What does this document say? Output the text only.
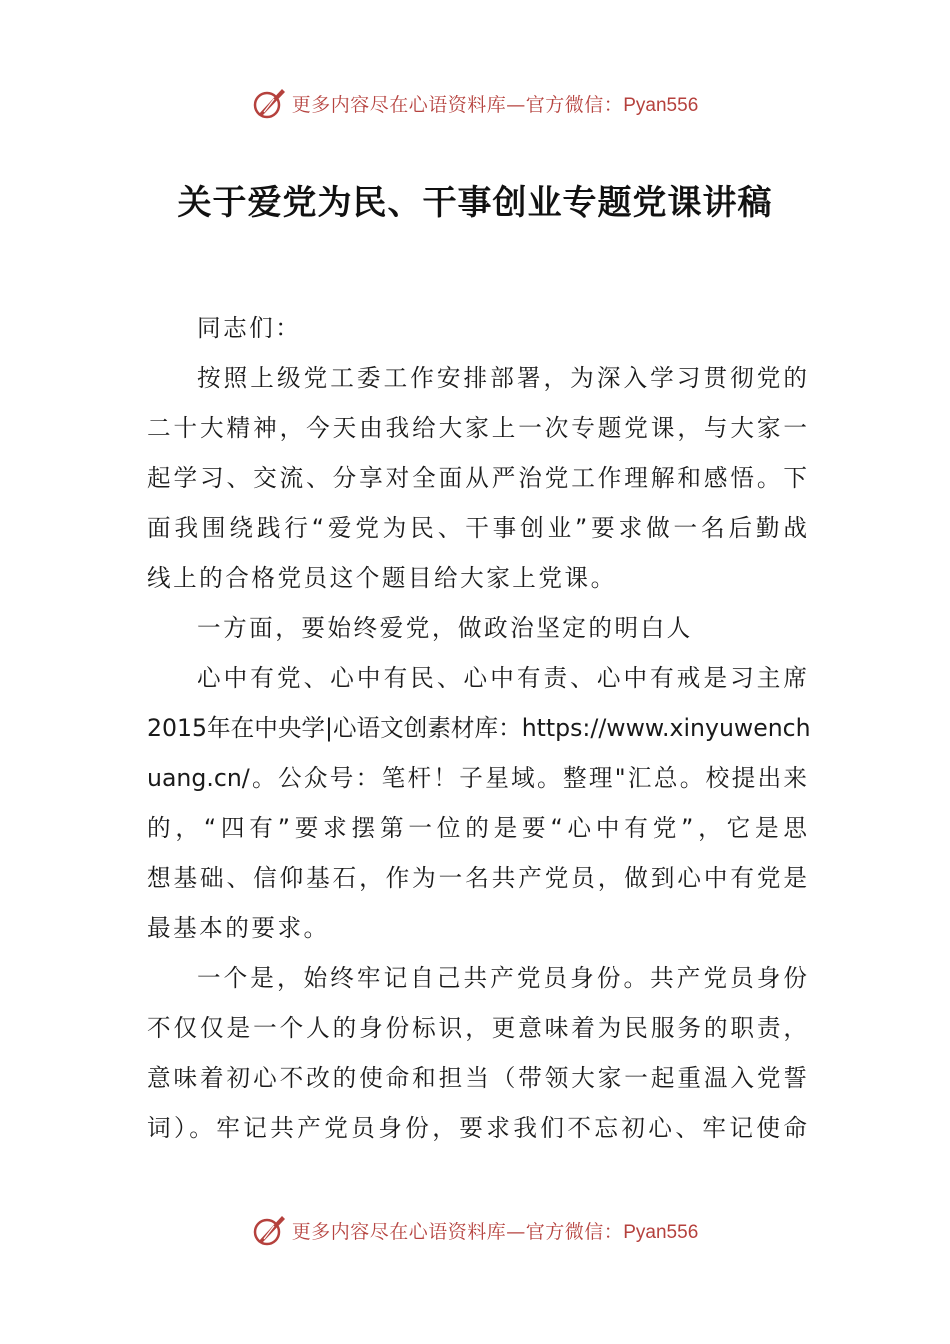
更多内容尽在心语资料库—官方微信：Pyan556
关于爱党为民、干事创业专题党课讲稿
同志们：
按照上级党工委工作安排部署，为深入学习贯彻党的
二十大精神，今天由我给大家上一次专题党课，与大家一
起学习、交流、分享对全面从严治党工作理解和感悟。下
面我围绕践行“爱党为民、干事创业”要求做一名后勤战
线上的合格党员这个题目给大家上党课。
一方面，要始终爱党，做政治坚定的明白人
心中有党、心中有民、心中有责、心中有戒是习主席
2015年在中央学|心语文创素材库：https://www.xinyuwench
uang.cn/。公众号：笔杆！子星域。整理"汇总。校提出来
的，“四有”要求摆第一位的是要“心中有党”，它是思
想基础、信仰基石，作为一名共产党员，做到心中有党是
最基本的要求。
一个是，始终牢记自己共产党员身份。共产党员身份
不仅仅是一个人的身份标识，更意味着为民服务的职责，
意味着初心不改的使命和担当（带领大家一起重温入党誓
词）。牢记共产党员身份，要求我们不忘初心、牢记使命
更多内容尽在心语资料库—官方微信：Pyan556
